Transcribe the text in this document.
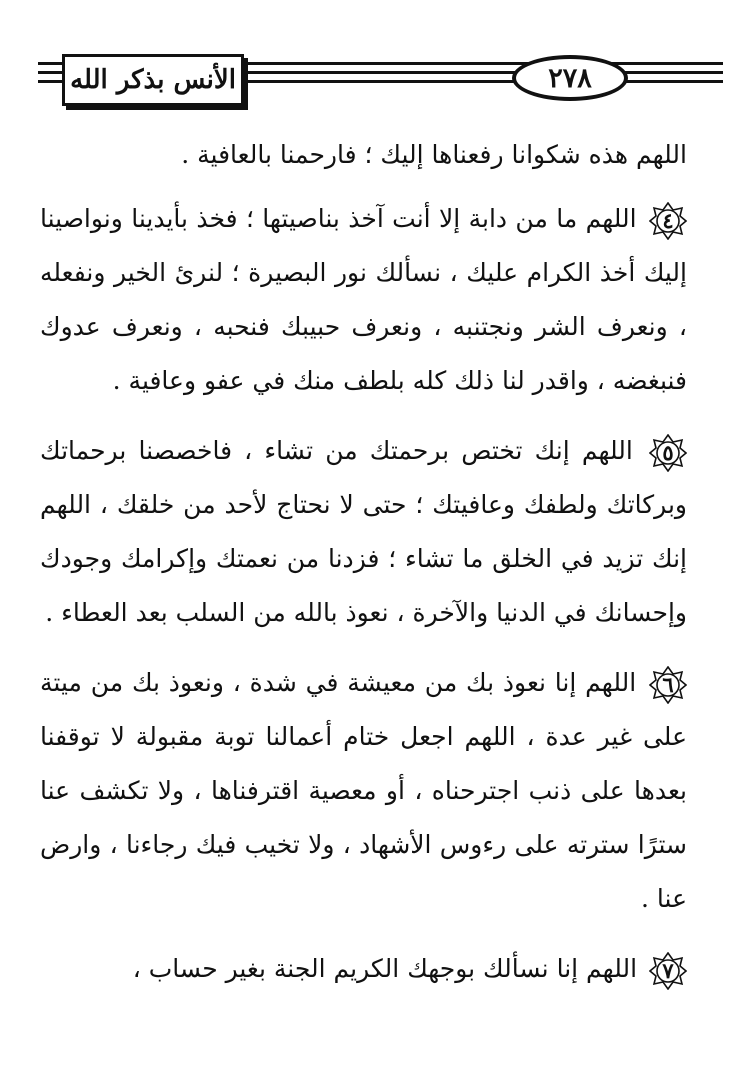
الأنس بذكر الله	٢٧٨

اللهم هذه شكوانا رفعناها إليك ؛ فارحمنا بالعافية .

٤
اللهم ما من دابة إلا أنت آخذ بناصيتها ؛ فخذ بأيدينا ونواصينا إليك أخذ الكرام عليك ، نسألك نور البصيرة ؛ لنرئ الخير ونفعله ، ونعرف الشر ونجتنبه ، ونعرف حبيبك فنحبه ، ونعرف عدوك فنبغضه ، واقدر لنا ذلك كله بلطف منك في عفو وعافية .

٥
اللهم إنك تختص برحمتك من تشاء ، فاخصصنا برحماتك وبركاتك ولطفك وعافيتك ؛ حتى لا نحتاج لأحد من خلقك ، اللهم إنك تزيد في الخلق ما تشاء ؛ فزدنا من نعمتك وإكرامك وجودك وإحسانك في الدنيا والآخرة ، نعوذ بالله من السلب بعد العطاء .

٦
اللهم إنا نعوذ بك من معيشة في شدة ، ونعوذ بك من ميتة على غير عدة ، اللهم اجعل ختام أعمالنا توبة مقبولة لا توقفنا بعدها على ذنب اجترحناه ، أو معصية اقترفناها ، ولا تكشف عنا سترًا سترته على رءوس الأشهاد ، ولا تخيب فيك رجاءنا ، وارض عنا .

٧
اللهم إنا نسألك بوجهك الكريم الجنة بغير حساب ،
